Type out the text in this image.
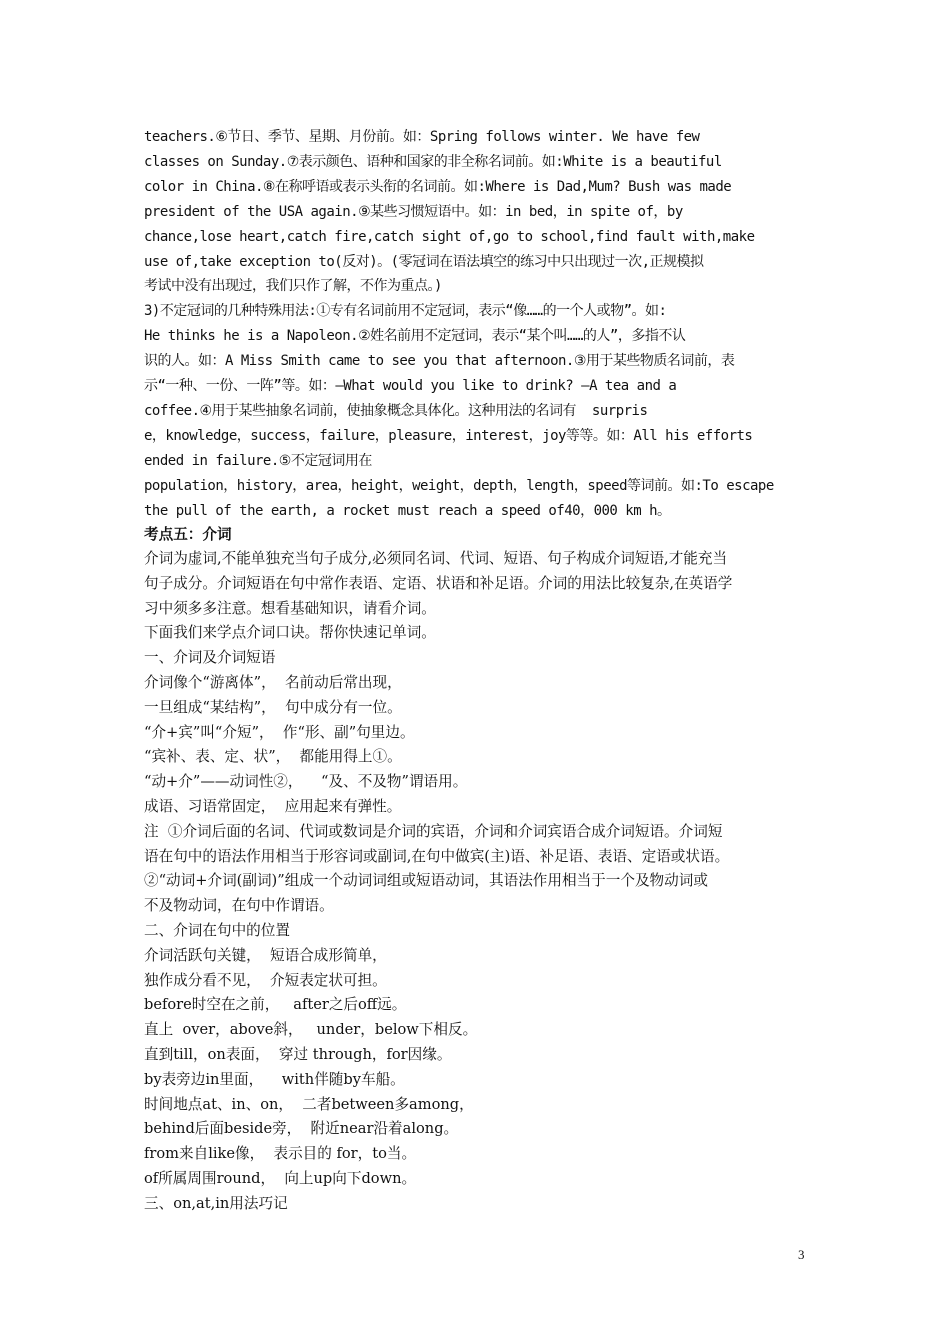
teachers.⑥节日、季节、星期、月份前。如：Spring follows winter. We have few
classes on Sunday.⑦表示颜色、语种和国家的非全称名词前。如:White is a beautiful
color in China.⑧在称呼语或表示头衔的名词前。如:Where is Dad,Mum? Bush was made
president of the USA again.⑨某些习惯短语中。如：in bed，in spite of，by
chance,lose heart,catch fire,catch sight of,go to school,find fault with,make
use of,take exception to(反对)。(零冠词在语法填空的练习中只出现过一次,正规模拟
考试中没有出现过，我们只作了解，不作为重点。)
3)不定冠词的几种特殊用法:①专有名词前用不定冠词，表示“像……的一个人或物”。如:
He thinks he is a Napoleon.②姓名前用不定冠词，表示“某个叫……的人”，多指不认
识的人。如：A Miss Smith came to see you that afternoon.③用于某些物质名词前，表
示“一种、一份、一阵”等。如：—What would you like to drink? —A tea and a
coffee.④用于某些抽象名词前，使抽象概念具体化。这种用法的名词有  surpris
e，knowledge，success，failure，pleasure，interest，joy等等。如：All his efforts
ended in failure.⑤不定冠词用在
population，history，area，height，weight，depth，length，speed等词前。如:To escape
the pull of the earth, a rocket must reach a speed of40，000 km h。
考点五：介词
介词为虚词,不能单独充当句子成分,必须同名词、代词、短语、句子构成介词短语,才能充当
句子成分。介词短语在句中常作表语、定语、状语和补足语。介词的用法比较复杂,在英语学
习中须多多注意。想看基础知识，请看介词。
下面我们来学点介词口诀。帮你快速记单词。
一、介词及介词短语
介词像个“游离体”，  名前动后常出现，
一旦组成“某结构”，  句中成分有一位。
“介+宾”叫“介短”，  作“形、副”句里边。
“宾补、表、定、状”，  都能用得上①。
“动+介”——动词性②，    “及、不及物”谓语用。
成语、习语常固定，  应用起来有弹性。
注  ①介词后面的名词、代词或数词是介词的宾语，介词和介词宾语合成介词短语。介词短
语在句中的语法作用相当于形容词或副词,在句中做宾(主)语、补足语、表语、定语或状语。
②“动词+介词(副词)”组成一个动词词组或短语动词，其语法作用相当于一个及物动词或
不及物动词，在句中作谓语。
二、介词在句中的位置
介词活跃句关键，  短语合成形简单，
独作成分看不见，  介短表定状可担。
before时空在之前，   after之后off远。
直上  over，above斜，   under，below下相反。
直到till，on表面，  穿过 through，for因缘。
by表旁边in里面，    with伴随by车船。
时间地点at、in、on，  二者between多among，
behind后面beside旁，  附近near沿着along。
from来自like像，  表示目的 for，to当。
of所属周围round，  向上up向下down。
三、on,at,in用法巧记
3
